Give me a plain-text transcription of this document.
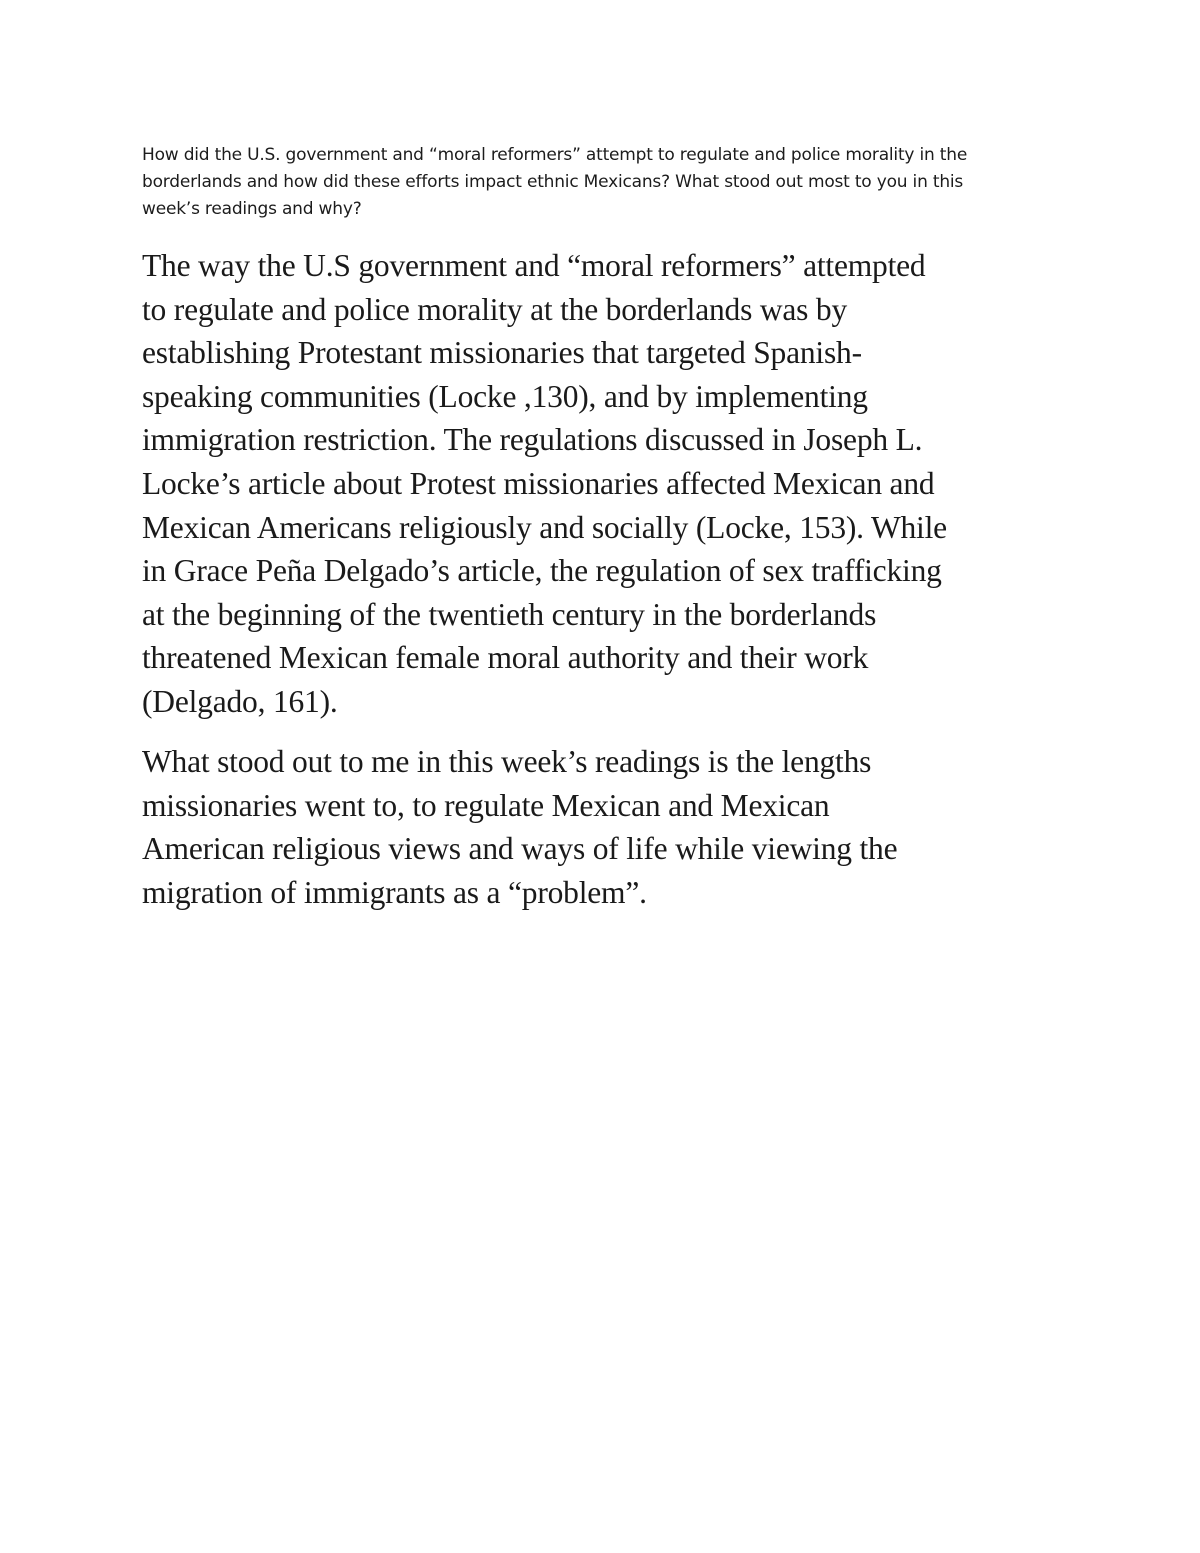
How did the U.S. government and “moral reformers” attempt to regulate and police morality in the
borderlands and how did these efforts impact ethnic Mexicans? What stood out most to you in this
week’s readings and why?

The way the U.S government and “moral reformers” attempted
to regulate and police morality at the borderlands was by
establishing Protestant missionaries that targeted Spanish-
speaking communities (Locke ,130), and by implementing
immigration restriction. The regulations discussed in Joseph L.
Locke’s article about Protest missionaries affected Mexican and
Mexican Americans religiously and socially (Locke, 153). While
in Grace Peña Delgado’s article, the regulation of sex trafficking
at the beginning of the twentieth century in the borderlands
threatened Mexican female moral authority and their work
(Delgado, 161).

What stood out to me in this week’s readings is the lengths
missionaries went to, to regulate Mexican and Mexican
American religious views and ways of life while viewing the
migration of immigrants as a “problem”.
